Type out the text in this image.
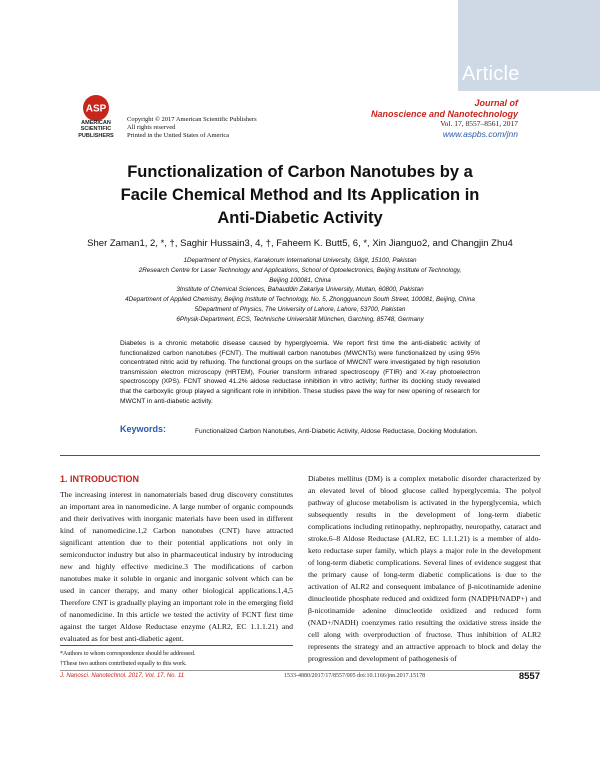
Article
ASP
AMERICAN SCIENTIFIC PUBLISHERS
Copyright © 2017 American Scientific Publishers
All rights reserved
Printed in the United States of America
Journal of
Nanoscience and Nanotechnology
Vol. 17, 8557–8561, 2017
www.aspbs.com/jnn
Functionalization of Carbon Nanotubes by a
Facile Chemical Method and Its Application in
Anti-Diabetic Activity
Sher Zaman1, 2, *, †, Saghir Hussain3, 4, †, Faheem K. Butt5, 6, *, Xin Jianguo2, and Changjin Zhu4
1Department of Physics, Karakorum International University, Gilgit, 15100, Pakistan
2Research Centre for Laser Technology and Applications, School of Optoelectronics, Beijing Institute of Technology,
Beijing 100081, China
3Institute of Chemical Sciences, Bahauddin Zakariya University, Multan, 60800, Pakistan
4Department of Applied Chemistry, Beijing Institute of Technology, No. 5, Zhongguancun South Street, 100081, Beijing, China
5Department of Physics, The University of Lahore, Lahore, 53700, Pakistan
6Physik-Department, ECS, Technische Universität München, Garching, 85748, Germany
Diabetes is a chronic metabolic disease caused by hyperglycemia. We report first time the anti-diabetic activity of functionalized carbon nanotubes (FCNT). The multiwall carbon nanotubes (MWCNTs) were functionalized by using 95% concentrated nitric acid by refluxing. The functional groups on the surface of MWCNT were investigated by high resolution transmission electron microscopy (HRTEM), Fourier transform infrared spectroscopy (FTIR) and X-ray photoelectron spectroscopy (XPS). FCNT showed 41.2% aldose reductase inhibition in vitro activity; further its docking study revealed that the carboxylic group played a significant role in inhibition. These studies pave the way for new opening of research for MWCNT in anti-diabetic activity.
Keywords:	Functionalized Carbon Nanotubes, Anti-Diabetic Activity, Aldose Reductase, Docking Modulation.
1. INTRODUCTION
The increasing interest in nanomaterials based drug discovery constitutes an important area in nanomedicine. A large number of organic compounds and their derivatives with inorganic materials have been used in different kind of nanomedicine.1,2 Carbon nanotubes (CNT) have attracted significant attention due to their potential applications not only in semiconductor industry but also in pharmaceutical industry by introducing new and highly effective medicine.3 The modifications of carbon nanotubes make it soluble in organic and inorganic solvent which can be used in cancer therapy, and many other biological applications.1,4,5 Therefore CNT is gradually playing an important role in the emerging field of nanomedicine. In this article we tested the activity of FCNT first time against the target Aldose Reductase enzyme (ALR2, EC 1.1.1.21) and evaluated as for best anti-diabetic agent.
Diabetes mellitus (DM) is a complex metabolic disorder characterized by an elevated level of blood glucose called hyperglycemia. The polyol pathway of glucose metabolism is activated in the hyperglycemia, which subsequently results in the development of long-term diabetic complications including retinopathy, nephropathy, neuropathy, cataract and stroke.6–8 Aldose Reductase (ALR2, EC 1.1.1.21) is a member of aldo-keto reductase super family, which plays a major role in the development of long-term diabetic complications. Several lines of evidence suggest that the primary cause of long-term diabetic complications is due to the activation of ALR2 and consequent imbalance of β-nicotinamide adenine dinucleotide phosphate reduced and oxidized form (NADPH/NADP+) and β-nicotinamide adenine dinucleotide oxidized and reduced form (NAD+/NADH) coenzymes ratio resulting the oxidative stress inside the cell along with overproduction of fructose. Thus inhibition of ALR2 represents the strategy and an attractive approach to block and delay the progression and development of pathogenesis of
*Authors to whom correspondence should be addressed.
†These two authors contributed equally to this work.
J. Nanosci. Nanotechnol. 2017, Vol. 17, No. 11	1533-4880/2017/17/8557/005 doi:10.1166/jnn.2017.15178	8557
